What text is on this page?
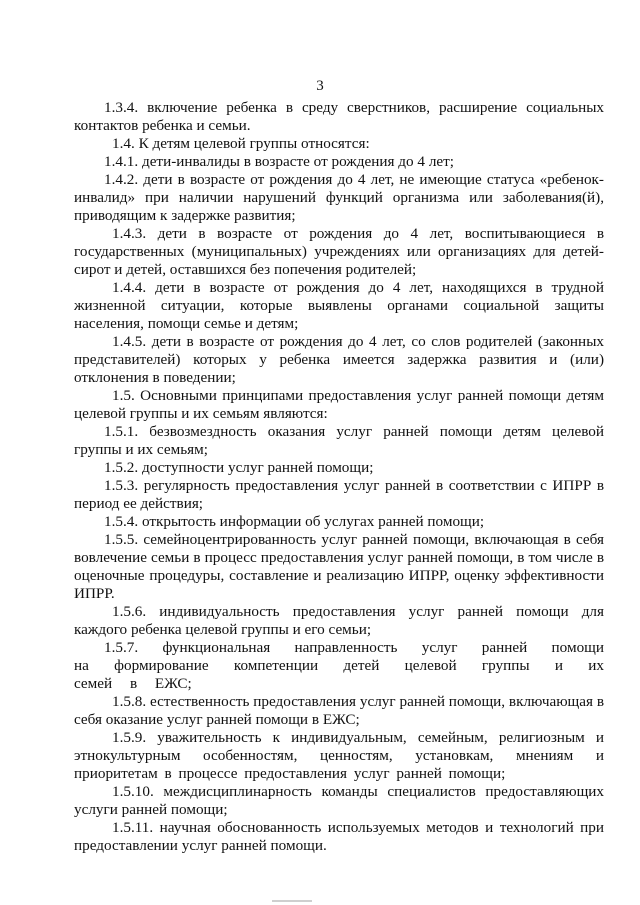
3

1.3.4. включение ребенка в среду сверстников, расширение социальных контактов ребенка и семьи.

1.4. К детям целевой группы относятся:

1.4.1. дети-инвалиды в возрасте от рождения до 4 лет;

1.4.2. дети в возрасте от рождения до 4 лет, не имеющие статуса «ребенок-инвалид» при наличии нарушений функций организма или заболевания(й), приводящим к задержке развития;

1.4.3. дети в возрасте от рождения до 4 лет, воспитывающиеся в государственных (муниципальных) учреждениях или организациях для детей-сирот и детей, оставшихся без попечения родителей;

1.4.4. дети в возрасте от рождения до 4 лет, находящихся в трудной жизненной ситуации, которые выявлены органами социальной защиты населения, помощи семье и детям;

1.4.5. дети в возрасте от рождения до 4 лет, со слов родителей (законных представителей) которых у ребенка имеется задержка развития и (или) отклонения в поведении;

1.5. Основными принципами предоставления услуг ранней помощи детям целевой группы и их семьям являются:

1.5.1. безвозмездность оказания услуг ранней помощи детям целевой группы и их семьям;

1.5.2. доступности услуг ранней помощи;

1.5.3. регулярность предоставления услуг ранней в соответствии с ИПРР в период ее действия;

1.5.4. открытость информации об услугах ранней помощи;

1.5.5. семейноцентрированность услуг ранней помощи, включающая в себя вовлечение семьи в процесс предоставления услуг ранней помощи, в том числе в оценочные процедуры, составление и реализацию ИПРР, оценку эффективности ИПРР.

1.5.6. индивидуальность предоставления услуг ранней помощи для каждого ребенка целевой группы и его семьи;

1.5.7. функциональная направленность услуг ранней помощи на формирование компетенции детей целевой группы и их семей в ЕЖС;

1.5.8. естественность предоставления услуг ранней помощи, включающая в себя оказание услуг ранней помощи в ЕЖС;

1.5.9. уважительность к индивидуальным, семейным, религиозным и этнокультурным особенностям, ценностям, установкам, мнениям и приоритетам в процессе предоставления услуг ранней помощи;

1.5.10. междисциплинарность команды специалистов предоставляющих услуги ранней помощи;

1.5.11. научная обоснованность используемых методов и технологий при предоставлении услуг ранней помощи.
